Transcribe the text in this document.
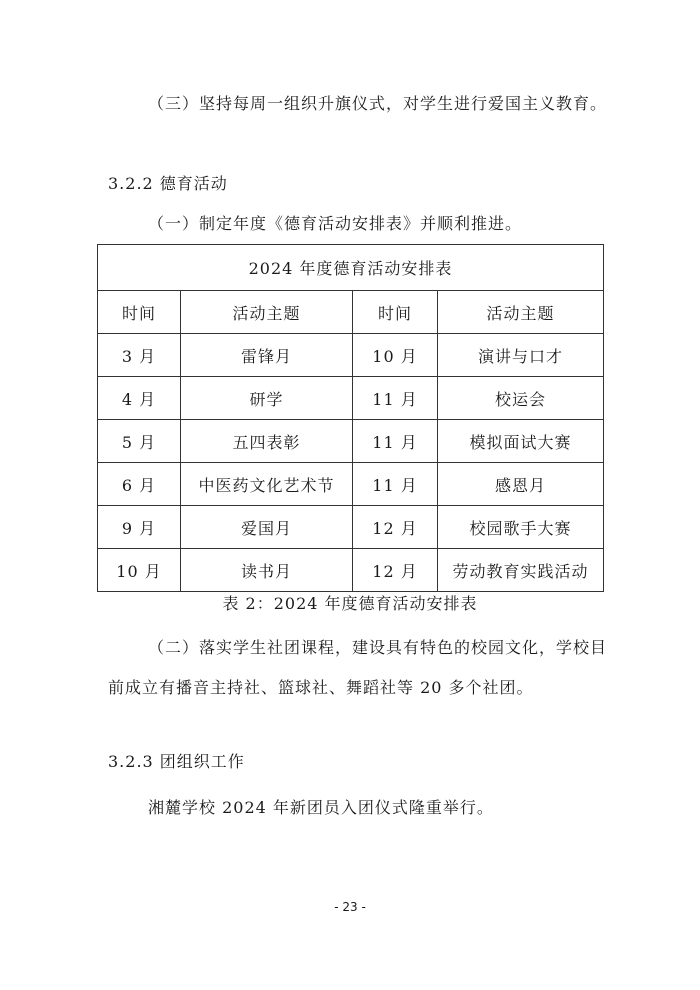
（三）坚持每周一组织升旗仪式，对学生进行爱国主义教育。

3.2.2 德育活动

（一）制定年度《德育活动安排表》并顺利推进。

2024 年度德育活动安排表			
时间	活动主题	时间	活动主题
3 月	雷锋月	10 月	演讲与口才
4 月	研学	11 月	校运会
5 月	五四表彰	11 月	模拟面试大赛
6 月	中医药文化艺术节	11 月	感恩月
9 月	爱国月	12 月	校园歌手大赛
10 月	读书月	12 月	劳动教育实践活动

表 2：2024 年度德育活动安排表

（二）落实学生社团课程，建设具有特色的校园文化，学校目前成立有播音主持社、篮球社、舞蹈社等 20 多个社团。

3.2.3 团组织工作

湘麓学校 2024 年新团员入团仪式隆重举行。

- 23 -
